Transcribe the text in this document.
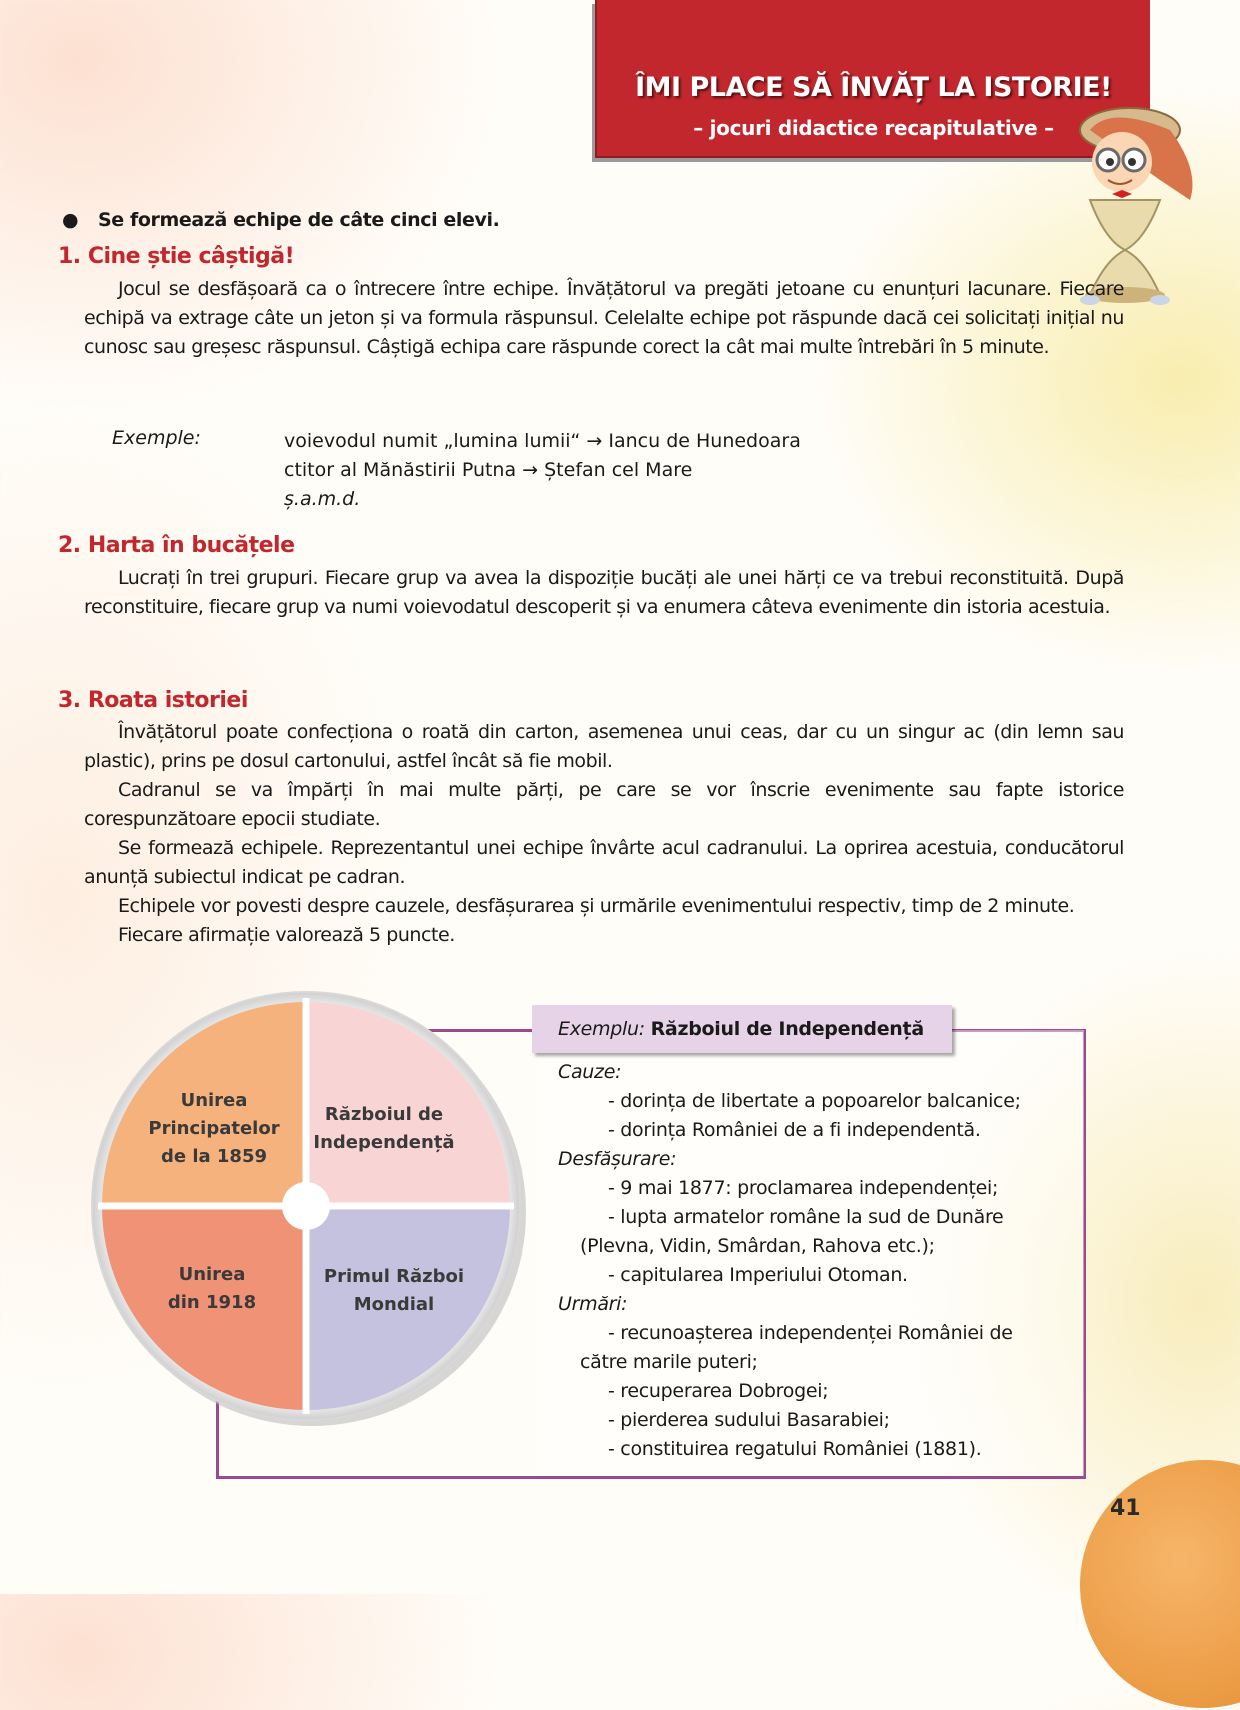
ÎMI PLACE SĂ ÎNVĂȚ LA ISTORIE!
– jocuri didactice recapitulative –
● Se formează echipe de câte cinci elevi.
1. Cine știe câștigă!

Jocul se desfășoară ca o întrecere între echipe. Învățătorul va pregăti jetoane cu enunțuri lacunare. Fiecare echipă va extrage câte un jeton și va formula răspunsul. Celelalte echipe pot răspunde dacă cei solicitați inițial nu cunosc sau greșesc răspunsul. Câștigă echipa care răspunde corect la cât mai multe întrebări în 5 minute.

Exemple:	voievodul numit „lumina lumii“ → Iancu de Hunedoara
ctitor al Mănăstirii Putna → Ștefan cel Mare
ș.a.m.d.
2. Harta în bucățele

Lucrați în trei grupuri. Fiecare grup va avea la dispoziție bucăți ale unei hărți ce va trebui reconstituită. După reconstituire, fiecare grup va numi voievodatul descoperit și va enumera câteva evenimente din istoria acestuia.

3. Roata istoriei

Învățătorul poate confecționa o roată din carton, asemenea unui ceas, dar cu un singur ac (din lemn sau plastic), prins pe dosul cartonului, astfel încât să fie mobil.

Cadranul se va împărți în mai multe părți, pe care se vor înscrie evenimente sau fapte istorice corespunzătoare epocii studiate.

Se formează echipele. Reprezentantul unei echipe învârte acul cadranului. La oprirea acestuia, conducătorul anunță subiectul indicat pe cadran.

Echipele vor povesti despre cauzele, desfășurarea și urmările evenimentului respectiv, timp de 2 minute.

Fiecare afirmație valorează 5 puncte.

Unirea
Principatelor
de la 1859
Războiul de
Independență
Unirea
din 1918
Primul Război
Mondial
Exemplu: Războiul de Independență
Cauze:
- dorința de libertate a popoarelor balcanice;
- dorința României de a fi independentă.
Desfășurare:
- 9 mai 1877: proclamarea independenței;
- lupta armatelor române la sud de Dunăre
(Plevna, Vidin, Smârdan, Rahova etc.);
- capitularea Imperiului Otoman.
Urmări:
- recunoașterea independenței României de
către marile puteri;
- recuperarea Dobrogei;
- pierderea sudului Basarabiei;
- constituirea regatului României (1881).
41
